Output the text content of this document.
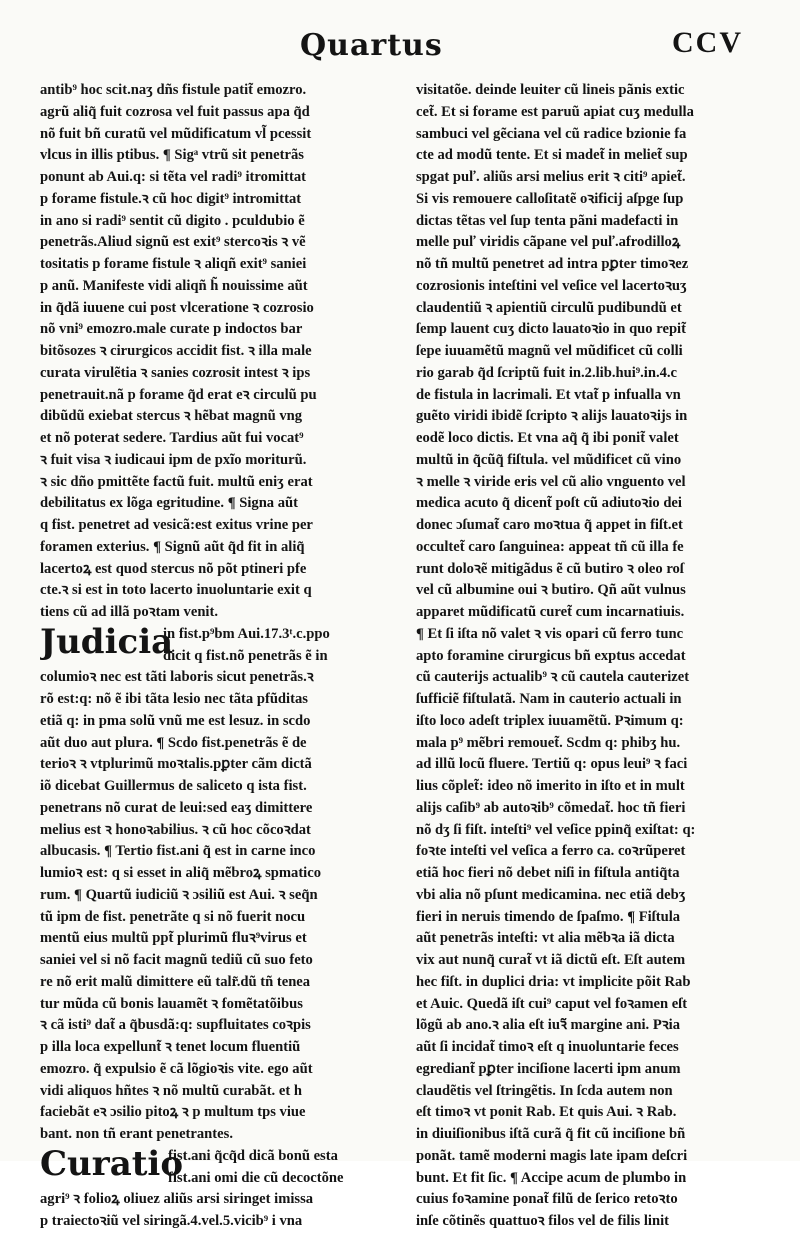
Quartus	CCV
antib⁹ hoc scit.naʒ dñs fistule patit̃ emozro.
agrũ aliq̃ fuit cozrosa vel fuit passus apa q̃d
nõ fuit bñ curatũ vel mũdificatum vl̃ pcessit
vlcus in illis ptibus. ¶ Sigͣ vtrũ sit penetrãs
ponunt ab Aui.q: si tẽta vel radi⁹ itromittat
p forame fistule.ꝛ cũ hoc digit⁹ intromittat
in ano si radi⁹ sentit cũ digito . pculdubio ẽ
penetrãs.Aliud signũ est exit⁹ stercoꝛis ꝛ vẽ
tositatis p forame fistule ꝛ aliqñ exit⁹ saniei
p anũ. Manifeste vidi aliqñ h̃ nouissime aũt
in q̃dã iuuene cui post vlceratione ꝛ cozrosio
nõ vni⁹ emozro.male curate p indoctos bar
bitõsozes ꝛ cirurgicos accidit fist. ꝛ illa male
curata virulẽtia ꝛ sanies cozrosit intest ꝛ ips
penetrauit.nã p forame q̃d erat eꝛ circulũ pu
dibũdũ exiebat stercus ꝛ hẽbat magnũ vng
et nõ poterat sedere. Tardius aũt fui vocat⁹
ꝛ fuit visa ꝛ iudicaui ipm de pxĩo moriturũ.
ꝛ sic dño pmittẽte factũ fuit. multũ eniʒ erat
debilitatus ex lõga egritudine. ¶ Signa aũt
q fist. penetret ad vesicã:est exitus vrine per
foramen exterius. ¶ Signũ aũt q̃d fit in aliq̃
lacertoꝝ est quod stercus nõ põt ptineri pfe
cte.ꝛ si est in toto lacerto inuoluntarie exit q
tiens cũ ad illã poꝛtam venit.
Judicia
in fist.p⁹bm Aui.17.3ͭ.c.ppo
dicit q fist.nõ penetrãs ẽ in
columioꝛ nec est tãti laboris sicut penetrãs.ꝛ
rõ est:q: nõ ẽ ibi tãta lesio nec tãta pfũditas
etiã q: in pma solũ vnũ me est lesuz. in scdo
aũt duo aut plura. ¶ Scdo fist.penetrãs ẽ de
terioꝛ ꝛ vtplurimũ moꝛtalis.pꝑter cãm dictã
iõ dicebat Guillermus de saliceto q ista fist.
penetrans nõ curat de leui:sed eaʒ dimittere
melius est ꝛ honoꝛabilius. ꝛ cũ hoc cõcoꝛdat
albucasis. ¶ Tertio fist.ani q̃ est in carne inco
lumioꝛ est: q si esset in aliq̃ mẽbroꝝ spmatico
rum. ¶ Quartũ iudiciũ ꝛ ɔsiliũ est Aui. ꝛ seq̃n
tũ ipm de fist. penetrãte q si nõ fuerit nocu
mentũ eius multũ ppt̃ plurimũ fluꝛ⁹virus et
saniei vel si nõ facit magnũ tediũ cũ suo feto
re nõ erit malũ dimittere eũ talr̃.dũ tñ tenea
tur mũda cũ bonis lauamẽt ꝛ fomẽtatõibus
ꝛ cã isti⁹ dat̃ a q̃busdã:q: supfluitates coꝛpis
p illa loca expellunt̃ ꝛ tenet locum fluentiũ
emozro. q̃ expulsio ẽ cã lõgioꝛis vite. ego aũt
vidi aliquos hñtes ꝛ nõ multũ curabãt. et h
faciebãt eꝛ ɔsilio pitoꝝ ꝛ p multum tps viue
bant. non tñ erant penetrantes.
Curatio
fist.ani q̃cq̃d dicã bonũ esta
fist.ani omi die cũ decoctõne
agri⁹ ꝛ folioꝝ oliuez aliũs arsi siringet imissa
p traiectoꝛiũ vel siringã.4.vel.5.vicib⁹ i vna
visitatõe. deinde leuiter cũ lineis pãnis extic
cet̃. Et si forame est paruũ apiat cuʒ medulla
sambuci vel gẽciana vel cũ radice bzionie fa
cte ad modũ tente. Et si madet̃ in meliet̃ sup
spgat puľ. aliũs arsi melius erit ꝛ citi⁹ apiet̃.
Si vis remouere calloſitatẽ oꝛificij aſpge ſup
dictas tẽtas vel ſup tenta pãni madefacti in
melle puľ viridis cãpane vel puľ.afrodilloꝝ
nõ tñ multũ penetret ad intra pꝑter timoꝛez
cozrosionis inteſtini vel veſice vel lacertoꝛuʒ
claudentiũ ꝛ apientiũ circulũ pudibundũ et
ſemp lauent cuʒ dicto lauatoꝛio in quo repit̃
ſepe iuuamẽtũ magnũ vel mũdificet cũ colli
rio garab q̃d ſcriptũ fuit in.2.lib.hui⁹.in.4.c
de fistula in lacrimali. Et vtat̃ p infualla vn
guẽto viridi ibidẽ ſcripto ꝛ alijs lauatoꝛijs in
eodẽ loco dictis. Et vna aq̃ q̃ ibi ponit̃ valet
multũ in q̃cũq̃ fiſtula. vel mũdificet cũ vino
ꝛ melle ꝛ viride eris vel cũ alio vnguento vel
medica acuto q̃ dicent̃ poſt cũ adiutoꝛio dei
donec ɔſumat̃ caro moꝛtua q̃ appet in fiſt.et
occultet̃ caro ſanguinea: appeat tñ cũ illa fe
runt doloꝛẽ mitigãdus ẽ cũ butiro ꝛ oleo roſ
vel cũ albumine oui ꝛ butiro. Qñ aũt vulnus
apparet mũdificatũ curet̃ cum incarnatiuis.
¶ Et ſi iſta nõ valet ꝛ vis opari cũ ferro tunc
apto foramine cirurgicus bñ exptus accedat
cũ cauterijs actualib⁹ ꝛ cũ cautela cauterizet
ſufficiẽ fiſtulatã. Nam in cauterio actuali in
iſto loco adeſt triplex iuuamẽtũ. Pꝛimum q:
mala p⁹ mẽbri remouet̃. Scdm q: phibʒ hu.
ad illũ locũ fluere. Tertiũ q: opus leui⁹ ꝛ faci
lius cõplet̃: ideo nõ imerito in iſto et in mult
alijs caſib⁹ ab autoꝛib⁹ cõmedat̃. hoc tñ fieri
nõ dʒ ſi fiſt. inteſti⁹ vel veſice ppinq̃ exiſtat: q:
foꝛte inteſti vel veſica a ferro ca. coꝛrũperet
etiã hoc fieri nõ debet niſi in fiſtula antiq̃ta
vbi alia nõ pſunt medicamina. nec etiã debʒ
fieri in neruis timendo de ſpaſmo. ¶ Fiſtula
aũt penetrãs inteſti: vt alia mẽbꝛa iã dicta
vix aut nunq̃ curat̃ vt iã dictũ eſt. Eſt autem
hec fiſt. in duplici dria: vt implicite põit Rab
et Auic. Quedã iſt cui⁹ caput vel foꝛamen eſt
lõgũ ab ano.ꝛ alia eſt iuꝛ̃ margine ani. Pꝛia
aũt ſi incidat̃ timoꝛ eſt q inuoluntarie feces
egrediant̃ pꝑter inciſione lacerti ipm anum
claudẽtis vel ſtringẽtis. In ſcda autem non
eſt timoꝛ vt ponit Rab. Et quis Aui. ꝛ Rab.
in diuiſionibus iſtã curã q̃ fit cũ inciſione bñ
ponãt. tamẽ moderni magis late ipam deſcri
bunt. Et fit ſic. ¶ Accipe acum de plumbo in
cuius foꝛamine ponat̃ filũ de ſerico retoꝛto
inſe cõtinẽs quattuoꝛ filos vel de filis linit
